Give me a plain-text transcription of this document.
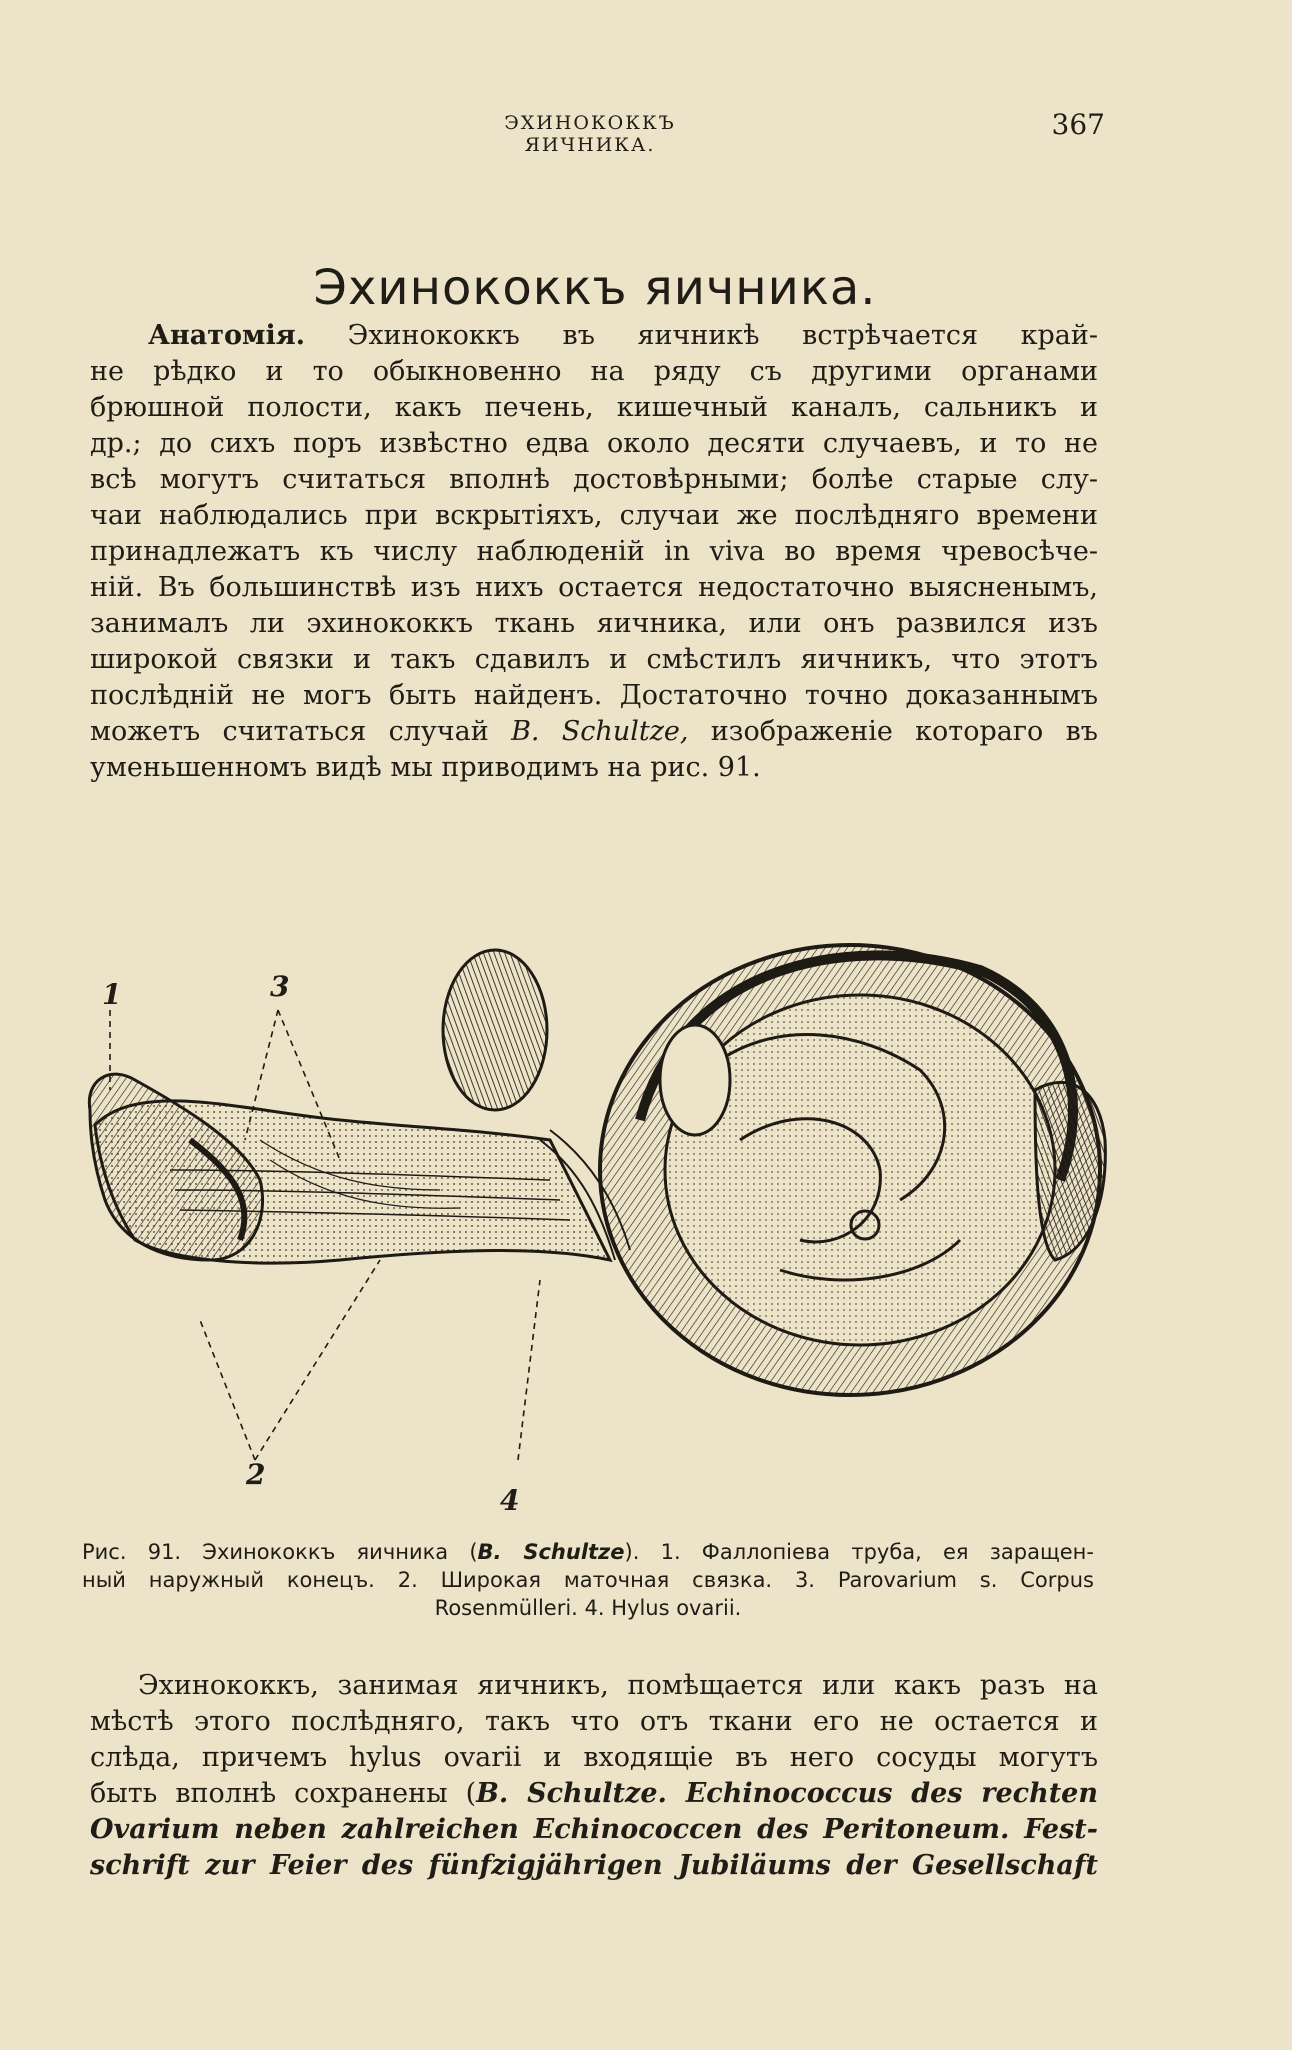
ЭХИНОКОККЪ ЯИЧНИКА.
367
Эхинококкъ яичника.
Анатомія. Эхинококкъ въ яичникѣ встрѣчается край-
не рѣдко и то обыкновенно на ряду съ другими органами
брюшной полости, какъ печень, кишечный каналъ, сальникъ и
др.; до сихъ поръ извѣстно едва около десяти случаевъ, и то не
всѣ могутъ считаться вполнѣ достовѣрными; болѣе старые слу-
чаи наблюдались при вскрытіяхъ, случаи же послѣдняго времени
принадлежатъ къ числу наблюденій in viva во время чревосѣче-
ній. Въ большинствѣ изъ нихъ остается недостаточно выясненымъ,
занималъ ли эхинококкъ ткань яичника, или онъ развился изъ
широкой связки и такъ сдавилъ и смѣстилъ яичникъ, что этотъ
послѣдній не могъ быть найденъ. Достаточно точно доказаннымъ
можетъ считаться случай B. Schultze, изображеніе котораго въ
уменьшенномъ видѣ мы приводимъ на рис. 91.
1	3
2
4
Рис. 91. Эхинококкъ яичника (B. Schultze). 1. Фаллопіева труба, ея заращен-
ный наружный конецъ. 2. Широкая маточная связка. 3. Parovarium s. Corpus
Rosenmülleri. 4. Hylus ovarii.
Эхинококкъ, занимая яичникъ, помѣщается или какъ разъ на
мѣстѣ этого послѣдняго, такъ что отъ ткани его не остается и
слѣда, причемъ hylus ovarii и входящіе въ него сосуды могутъ
быть вполнѣ сохранены (B. Schultze. Echinococcus des rechten
Ovarium neben zahlreichen Echinococcen des Peritoneum. Fest-
schrift zur Feier des fünfzigjährigen Jubiläums der Gesellschaft
